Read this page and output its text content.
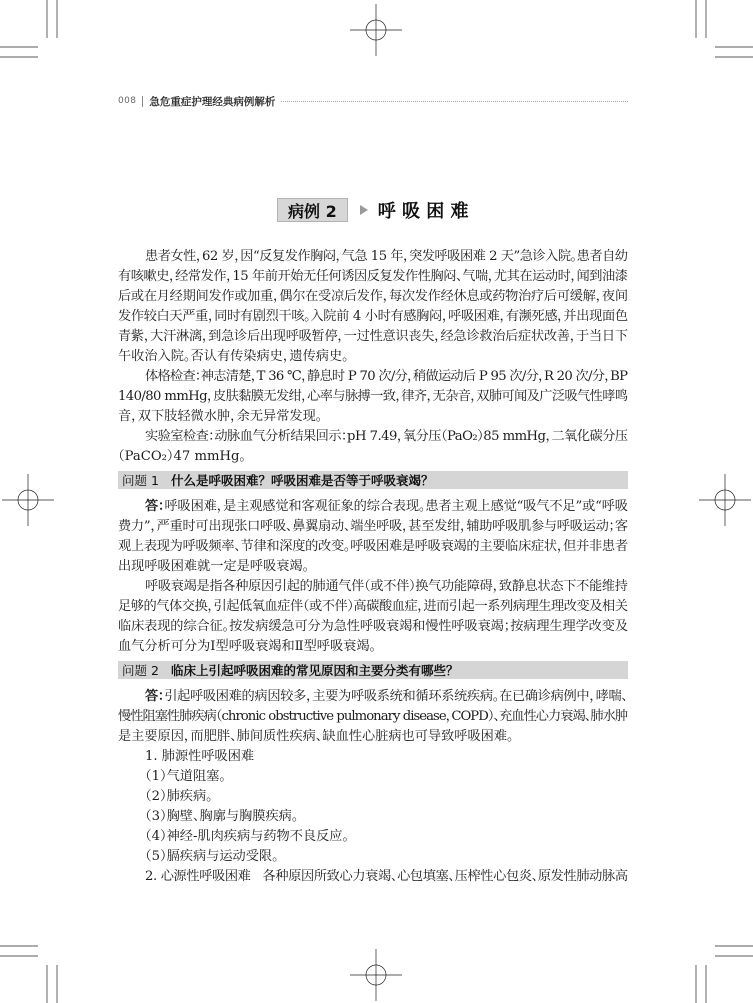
008 急危重症护理经典病例解析
病例 2	呼 吸 困 难
患者女性，62 岁，因“反复发作胸闷，气急 15 年，突发呼吸困难 2 天”急诊入院。患者自幼
有咳嗽史，经常发作，15 年前开始无任何诱因反复发作性胸闷、气喘，尤其在运动时，闻到油漆
后或在月经期间发作或加重，偶尔在受凉后发作，每次发作经休息或药物治疗后可缓解，夜间
发作较白天严重，同时有剧烈干咳。入院前 4 小时有感胸闷，呼吸困难，有濒死感，并出现面色
青紫，大汗淋漓，到急诊后出现呼吸暂停，一过性意识丧失，经急诊救治后症状改善，于当日下
午收治入院。否认有传染病史，遗传病史。
体格检查：神志清楚，T 36 ℃，静息时 P 70 次/分，稍做运动后 P 95 次/分，R 20 次/分，BP
140/80 mmHg，皮肤黏膜无发绀，心率与脉搏一致，律齐，无杂音，双肺可闻及广泛吸气性哮鸣
音，双下肢轻微水肿，余无异常发现。
实验室检查：动脉血气分析结果回示：pH 7.49，氧分压（PaO₂）85 mmHg，二氧化碳分压
（PaCO₂）47 mmHg。
问题 1 什么是呼吸困难？呼吸困难是否等于呼吸衰竭？
答：呼吸困难，是主观感觉和客观征象的综合表现。患者主观上感觉“吸气不足”或“呼吸
费力”，严重时可出现张口呼吸、鼻翼扇动、端坐呼吸，甚至发绀，辅助呼吸肌参与呼吸运动；客
观上表现为呼吸频率、节律和深度的改变。呼吸困难是呼吸衰竭的主要临床症状，但并非患者
出现呼吸困难就一定是呼吸衰竭。
呼吸衰竭是指各种原因引起的肺通气伴（或不伴）换气功能障碍，致静息状态下不能维持
足够的气体交换，引起低氧血症伴（或不伴）高碳酸血症，进而引起一系列病理生理改变及相关
临床表现的综合征。按发病缓急可分为急性呼吸衰竭和慢性呼吸衰竭；按病理生理学改变及
血气分析可分为Ⅰ型呼吸衰竭和Ⅱ型呼吸衰竭。
问题 2 临床上引起呼吸困难的常见原因和主要分类有哪些？
答：引起呼吸困难的病因较多，主要为呼吸系统和循环系统疾病。在已确诊病例中，哮喘、
慢性阻塞性肺疾病（chronic obstructive pulmonary disease，COPD）、充血性心力衰竭、肺水肿
是主要原因，而肥胖、肺间质性疾病、缺血性心脏病也可导致呼吸困难。
1. 肺源性呼吸困难
（1）气道阻塞。
（2）肺疾病。
（3）胸壁、胸廓与胸膜疾病。
（4）神经-肌肉疾病与药物不良反应。
（5）膈疾病与运动受限。
2. 心源性呼吸困难 各种原因所致心力衰竭、心包填塞、压榨性心包炎、原发性肺动脉高
